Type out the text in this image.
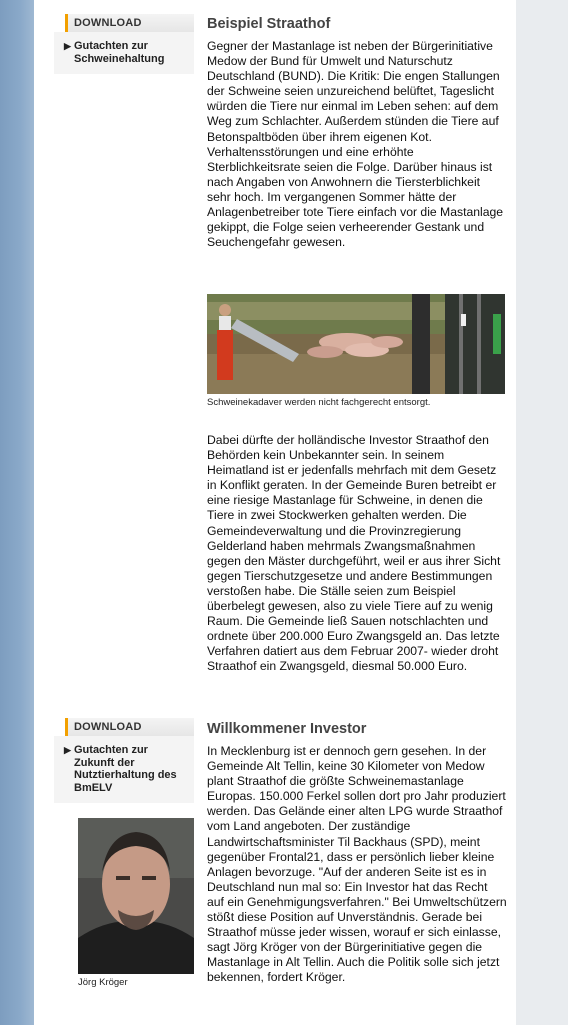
DOWNLOAD
▶ Gutachten zur Schweinehaltung
Beispiel Straathof

Gegner der Mastanlage ist neben der Bürgerinitiative Medow der Bund für Umwelt und Naturschutz Deutschland (BUND). Die Kritik: Die engen Stallungen der Schweine seien unzureichend belüftet, Tageslicht würden die Tiere nur einmal im Leben sehen: auf dem Weg zum Schlachter. Außerdem stünden die Tiere auf Betonspaltböden über ihrem eigenen Kot. Verhaltensstörungen und eine erhöhte Sterblichkeitsrate seien die Folge. Darüber hinaus ist nach Angaben von Anwohnern die Tiersterblichkeit sehr hoch. Im vergangenen Sommer hätte der Anlagenbetreiber tote Tiere einfach vor die Mastanlage gekippt, die Folge seien verheerender Gestank und Seuchengefahr gewesen.

Schweinekadaver werden nicht fachgerecht entsorgt.

Dabei dürfte der holländische Investor Straathof den Behörden kein Unbekannter sein. In seinem Heimatland ist er jedenfalls mehrfach mit dem Gesetz in Konflikt geraten. In der Gemeinde Buren betreibt er eine riesige Mastanlage für Schweine, in denen die Tiere in zwei Stockwerken gehalten werden. Die Gemeindeverwaltung und die Provinzregierung Gelderland haben mehrmals Zwangsmaßnahmen gegen den Mäster durchgeführt, weil er aus ihrer Sicht gegen Tierschutzgesetze und andere Bestimmungen verstoßen habe. Die Ställe seien zum Beispiel überbelegt gewesen, also zu viele Tiere auf zu wenig Raum. Die Gemeinde ließ Sauen notschlachten und ordnete über 200.000 Euro Zwangsgeld an. Das letzte Verfahren datiert aus dem Februar 2007- wieder droht Straathof ein Zwangsgeld, diesmal 50.000 Euro.

DOWNLOAD
▶ Gutachten zur Zukunft der Nutztierhaltung des BmELV
Willkommener Investor

In Mecklenburg ist er dennoch gern gesehen. In der Gemeinde Alt Tellin, keine 30 Kilometer von Medow plant Straathof die größte Schweinemastanlage Europas. 150.000 Ferkel sollen dort pro Jahr produziert werden. Das Gelände einer alten LPG wurde Straathof vom Land angeboten. Der zuständige Landwirtschaftsminister Til Backhaus (SPD), meint gegenüber Frontal21, dass er persönlich lieber kleine Anlagen bevorzuge. "Auf der anderen Seite ist es in Deutschland nun mal so: Ein Investor hat das Recht auf ein Genehmigungsverfahren." Bei Umweltschützern stößt diese Position auf Unverständnis. Gerade bei Straathof müsse jeder wissen, worauf er sich einlasse, sagt Jörg Kröger von der Bürgerinitiative gegen die Mastanlage in Alt Tellin. Auch die Politik solle sich jetzt bekennen, fordert Kröger.

Jörg Kröger
